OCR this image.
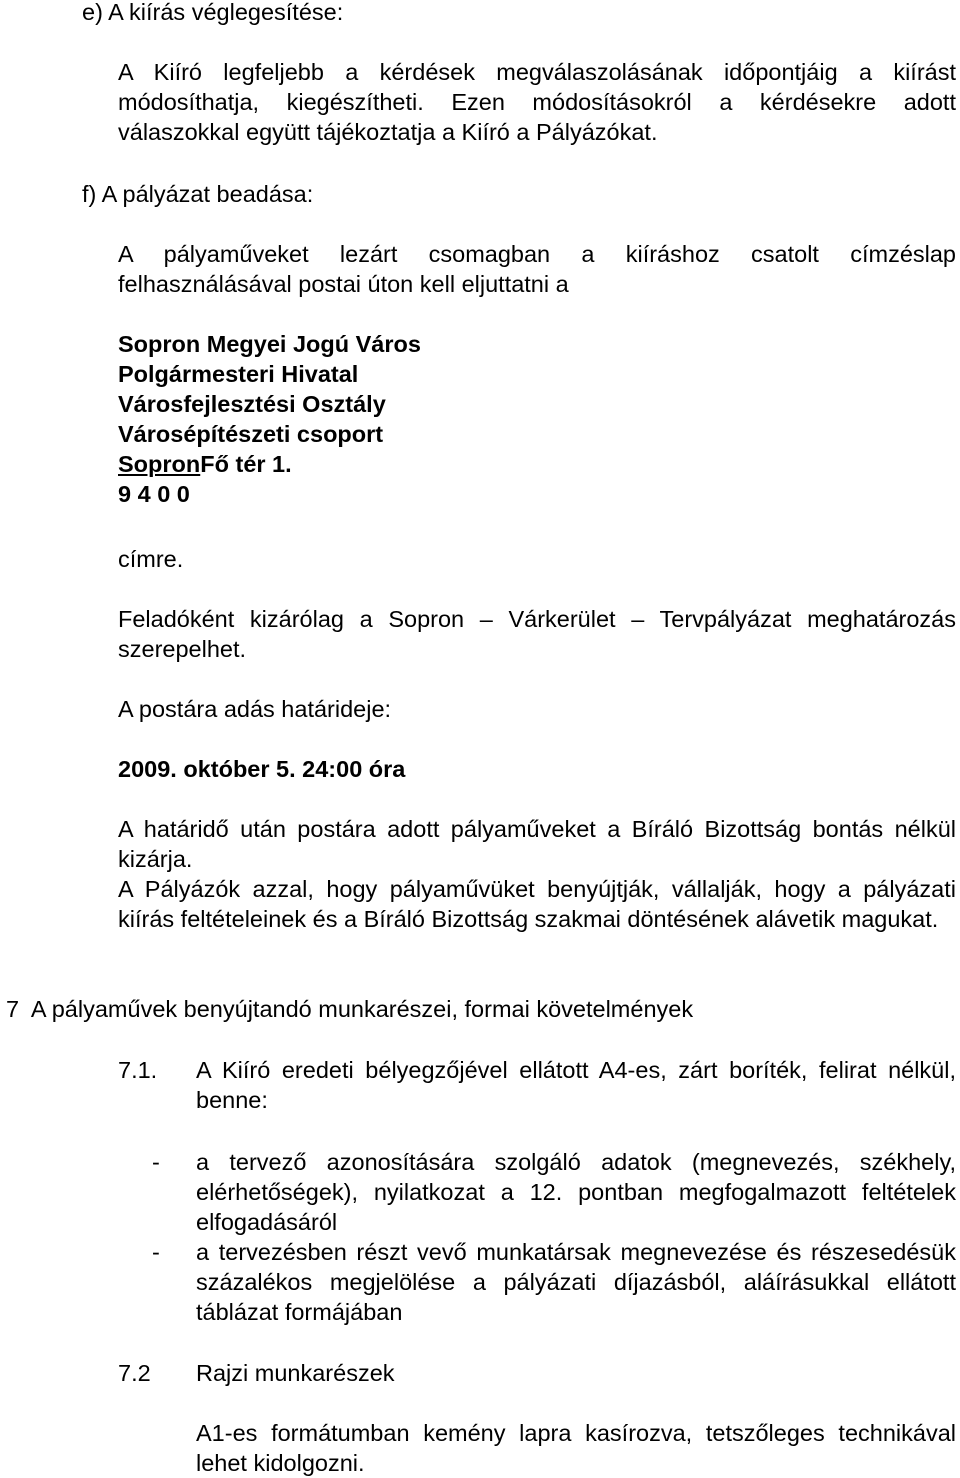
e) A kiírás véglegesítése:

A Kiíró legfeljebb a kérdések megválaszolásának időpontjáig a kiírást módosíthatja, kiegészítheti. Ezen módosításokról a kérdésekre adott válaszokkal együtt tájékoztatja a Kiíró a Pályázókat.

f) A pályázat beadása:

A pályaműveket lezárt csomagban a kiíráshoz csatolt címzéslap felhasználásával postai úton kell eljuttatni a

Sopron Megyei Jogú Város
Polgármesteri Hivatal
Városfejlesztési Osztály
Városépítészeti csoport
SopronFő tér 1.
9 4 0 0

címre.

Feladóként kizárólag a Sopron – Várkerület – Tervpályázat meghatározás szerepelhet.

A postára adás határideje:

2009. október 5. 24:00 óra

A határidő után postára adott pályaműveket a Bíráló Bizottság bontás nélkül kizárja.

A Pályázók azzal, hogy pályaművüket benyújtják, vállalják, hogy a pályázati kiírás feltételeinek és a Bíráló Bizottság szakmai döntésének alávetik magukat.

7  A pályaművek benyújtandó munkarészei, formai követelmények

7.1. A Kiíró eredeti bélyegzőjével ellátott A4-es, zárt boríték, felirat nélkül, benne:

- a tervező azonosítására szolgáló adatok (megnevezés, székhely, elérhetőségek), nyilatkozat a 12. pontban megfogalmazott feltételek elfogadásáról

- a tervezésben részt vevő munkatársak megnevezése és részesedésük százalékos megjelölése a pályázati díjazásból, aláírásukkal ellátott táblázat formájában

7.2 Rajzi munkarészek

A1-es formátumban kemény lapra kasírozva, tetszőleges technikával lehet kidolgozni.
